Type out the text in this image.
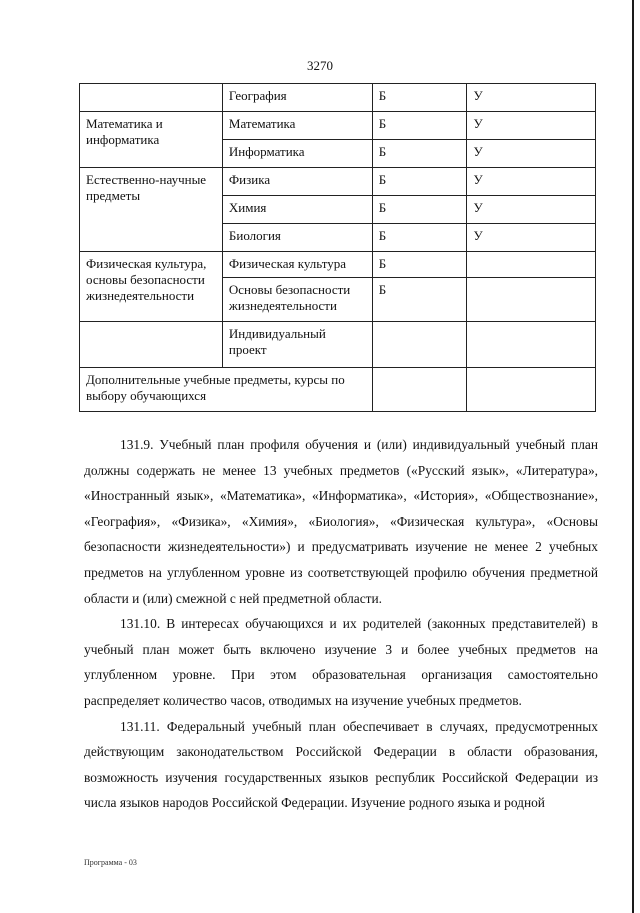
3270
	География	Б	У
Математика и информатика	Математика	Б	У
	Информатика	Б	У
Естественно-научные предметы	Физика	Б	У
	Химия	Б	У
	Биология	Б	У
Физическая культура, основы безопасности жизнедеятельности	Физическая культура	Б	
	Основы безопасности жизнедеятельности	Б	
	Индивидуальный проект		
Дополнительные учебные предметы, курсы по выбору обучающихся			

131.9. Учебный план профиля обучения и (или) индивидуальный учебный план должны содержать не менее 13 учебных предметов («Русский язык», «Литература», «Иностранный язык», «Математика», «Информатика», «История», «Обществознание», «География», «Физика», «Химия», «Биология», «Физическая культура», «Основы безопасности жизнедеятельности») и предусматривать изучение не менее 2 учебных предметов на углубленном уровне из соответствующей профилю обучения предметной области и (или) смежной с ней предметной области.

131.10. В интересах обучающихся и их родителей (законных представителей) в учебный план может быть включено изучение 3 и более учебных предметов на углубленном уровне. При этом образовательная организация самостоятельно распределяет количество часов, отводимых на изучение учебных предметов.

131.11. Федеральный учебный план обеспечивает в случаях, предусмотренных действующим законодательством Российской Федерации в области образования, возможность изучения государственных языков республик Российской Федерации из числа языков народов Российской Федерации. Изучение родного языка и родной

Программа - 03
